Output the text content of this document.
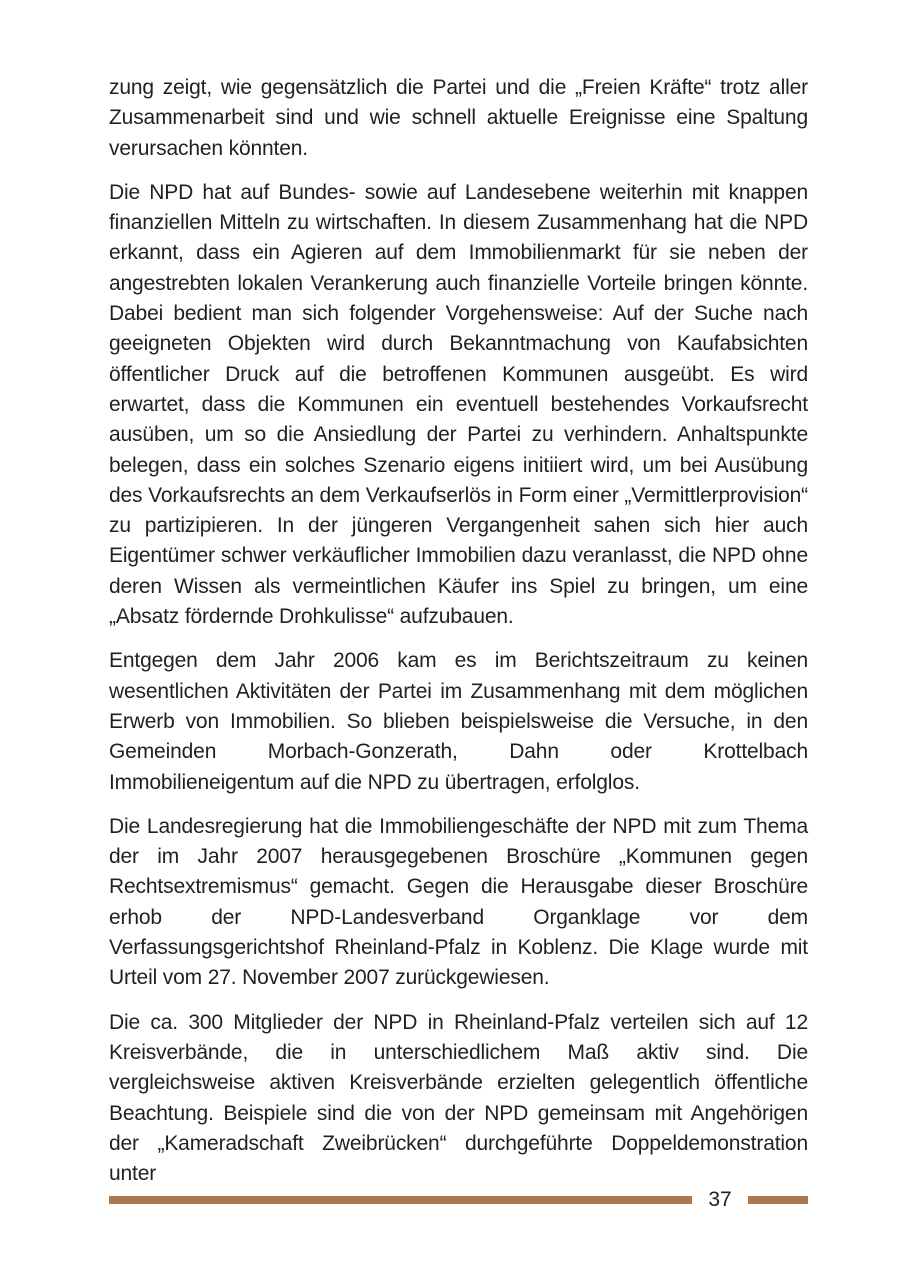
zung zeigt, wie gegensätzlich die Partei und die „Freien Kräfte“ trotz aller Zusammenarbeit sind und wie schnell aktuelle Ereignisse eine Spaltung verursachen könnten.

Die NPD hat auf Bundes- sowie auf Landesebene weiterhin mit knappen finanziellen Mitteln zu wirtschaften. In diesem Zusammenhang hat die NPD erkannt, dass ein Agieren auf dem Immobilienmarkt für sie neben der angestrebten lokalen Verankerung auch finanzielle Vorteile bringen könnte. Dabei bedient man sich folgender Vorgehensweise: Auf der Suche nach geeigneten Objekten wird durch Bekanntmachung von Kaufabsichten öffentlicher Druck auf die betroffenen Kommunen ausgeübt. Es wird erwartet, dass die Kommunen ein eventuell bestehendes Vorkaufsrecht ausüben, um so die Ansiedlung der Partei zu verhindern. Anhaltspunkte belegen, dass ein solches Szenario eigens initiiert wird, um bei Ausübung des Vorkaufsrechts an dem Verkaufserlös in Form einer „Vermittlerprovision“ zu partizipieren. In der jüngeren Vergangenheit sahen sich hier auch Eigentümer schwer verkäuflicher Immobilien dazu veranlasst, die NPD ohne deren Wissen als vermeintlichen Käufer ins Spiel zu bringen, um eine „Absatz fördernde Drohkulisse“ aufzubauen.

Entgegen dem Jahr 2006 kam es im Berichtszeitraum zu keinen wesentlichen Aktivitäten der Partei im Zusammenhang mit dem möglichen Erwerb von Immobilien. So blieben beispielsweise die Versuche, in den Gemeinden Morbach-Gonzerath, Dahn oder Krottelbach Immobilieneigentum auf die NPD zu übertragen, erfolglos.

Die Landesregierung hat die Immobiliengeschäfte der NPD mit zum Thema der im Jahr 2007 herausgegebenen Broschüre „Kommunen gegen Rechtsextremismus“ gemacht. Gegen die Herausgabe dieser Broschüre erhob der NPD-Landesverband Organklage vor dem Verfassungsgerichtshof Rheinland-Pfalz in Koblenz. Die Klage wurde mit Urteil vom 27. November 2007 zurückgewiesen.

Die ca. 300 Mitglieder der NPD in Rheinland-Pfalz verteilen sich auf 12 Kreisverbände, die in unterschiedlichem Maß aktiv sind. Die vergleichsweise aktiven Kreisverbände erzielten gelegentlich öffentliche Beachtung. Beispiele sind die von der NPD gemeinsam mit Angehörigen der „Kameradschaft Zweibrücken“ durchgeführte Doppeldemonstration unter

37
